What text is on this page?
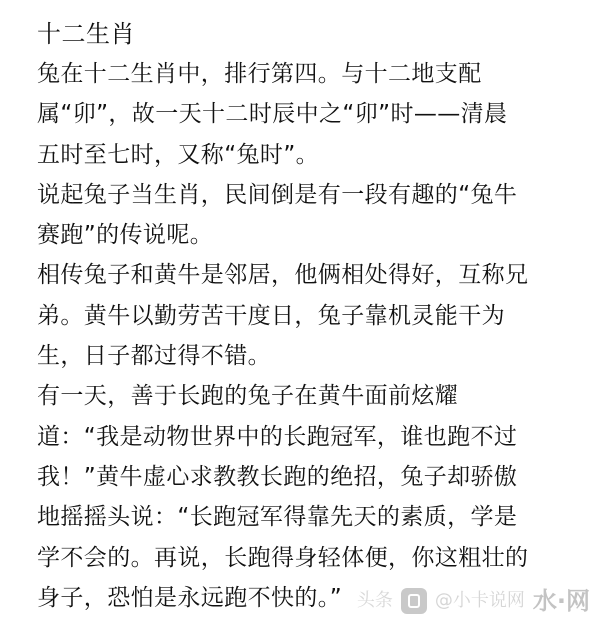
十二生肖
兔在十二生肖中，排行第四。与十二地支配
属“卯”，故一天十二时辰中之“卯”时——清晨
五时至七时，又称“兔时”。
说起兔子当生肖，民间倒是有一段有趣的“兔牛
赛跑”的传说呢。
相传兔子和黄牛是邻居，他俩相处得好，互称兄
弟。黄牛以勤劳苦干度日，兔子靠机灵能干为
生，日子都过得不错。
有一天，善于长跑的兔子在黄牛面前炫耀
道：“我是动物世界中的长跑冠军，谁也跑不过
我！”黄牛虚心求教教长跑的绝招，兔子却骄傲
地摇摇头说：“长跑冠军得靠先天的素质，学是
学不会的。再说，长跑得身轻体便，你这粗壮的
身子，恐怕是永远跑不快的。” 头条 @小卡说网 水·网
